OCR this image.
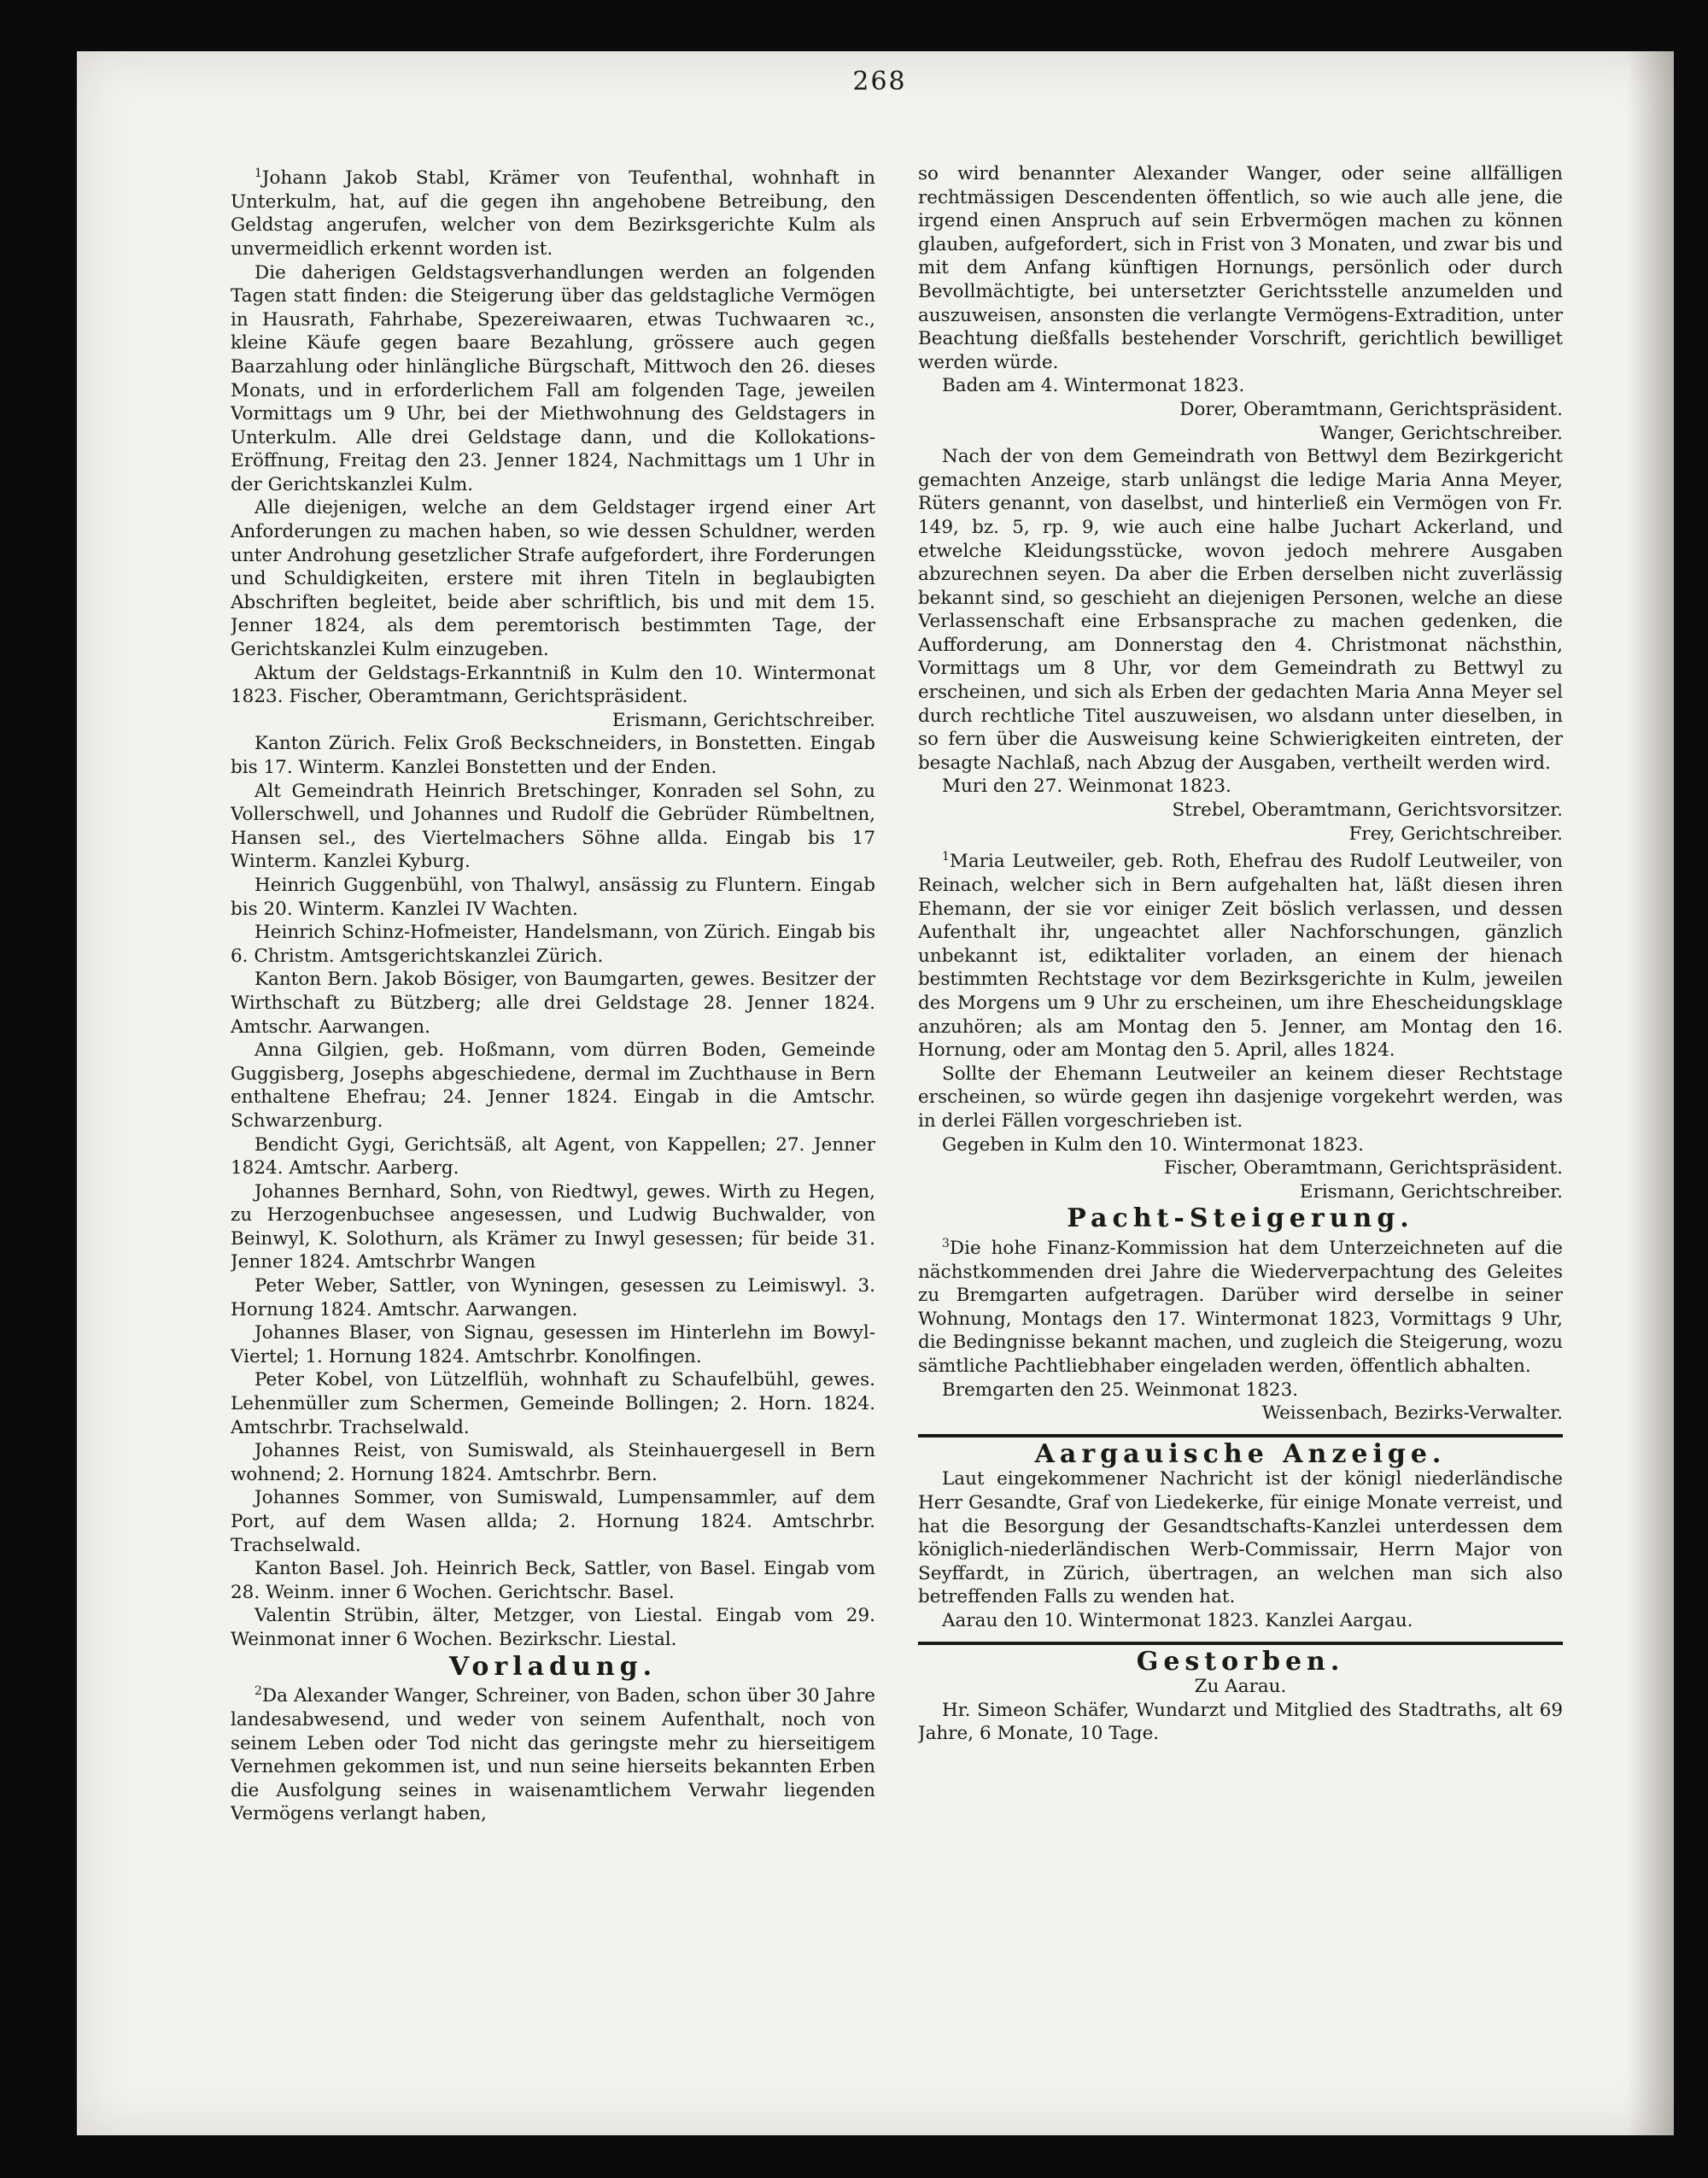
268

$^1$Johann Jakob Stabl, Krämer von Teufenthal, wohnhaft in Unterkulm, hat, auf die gegen ihn angehobene Betreibung, den Geldstag angerufen, welcher von dem Bezirksgerichte Kulm als unvermeidlich erkennt worden ist.

Die daherigen Geldstagsverhandlungen werden an folgenden Tagen statt finden: die Steigerung über das geldstagliche Vermögen in Hausrath, Fahrhabe, Spezereiwaaren, etwas Tuchwaaren ꝛc., kleine Käufe gegen baare Bezahlung, grössere auch gegen Baarzahlung oder hinlängliche Bürgschaft, Mittwoch den 26. dieses Monats, und in erforderlichem Fall am folgenden Tage, jeweilen Vormittags um 9 Uhr, bei der Miethwohnung des Geldstagers in Unterkulm. Alle drei Geldstage dann, und die Kollokations-Eröffnung, Freitag den 23. Jenner 1824, Nachmittags um 1 Uhr in der Gerichtskanzlei Kulm.

Alle diejenigen, welche an dem Geldstager irgend einer Art Anforderungen zu machen haben, so wie dessen Schuldner, werden unter Androhung gesetzlicher Strafe aufgefordert, ihre Forderungen und Schuldigkeiten, erstere mit ihren Titeln in beglaubigten Abschriften begleitet, beide aber schriftlich, bis und mit dem 15. Jenner 1824, als dem peremtorisch bestimmten Tage, der Gerichtskanzlei Kulm einzugeben.

Aktum der Geldstags-Erkanntniß in Kulm den 10. Wintermonat 1823. Fischer, Oberamtmann, Gerichtspräsident.

Erismann, Gerichtschreiber.

Kanton Zürich. Felix Groß Beckschneiders, in Bonstetten. Eingab bis 17. Winterm. Kanzlei Bonstetten und der Enden.

Alt Gemeindrath Heinrich Bretschinger, Konraden sel Sohn, zu Vollerschwell, und Johannes und Rudolf die Gebrüder Rümbeltnen, Hansen sel., des Viertelmachers Söhne allda. Eingab bis 17 Winterm. Kanzlei Kyburg.

Heinrich Guggenbühl, von Thalwyl, ansässig zu Fluntern. Eingab bis 20. Winterm. Kanzlei IV Wachten.

Heinrich Schinz-Hofmeister, Handelsmann, von Zürich. Eingab bis 6. Christm. Amtsgerichtskanzlei Zürich.

Kanton Bern. Jakob Bösiger, von Baumgarten, gewes. Besitzer der Wirthschaft zu Bützberg; alle drei Geldstage 28. Jenner 1824. Amtschr. Aarwangen.

Anna Gilgien, geb. Hoßmann, vom dürren Boden, Gemeinde Guggisberg, Josephs abgeschiedene, dermal im Zuchthause in Bern enthaltene Ehefrau; 24. Jenner 1824. Eingab in die Amtschr. Schwarzenburg.

Bendicht Gygi, Gerichtsäß, alt Agent, von Kappellen; 27. Jenner 1824. Amtschr. Aarberg.

Johannes Bernhard, Sohn, von Riedtwyl, gewes. Wirth zu Hegen, zu Herzogenbuchsee angesessen, und Ludwig Buchwalder, von Beinwyl, K. Solothurn, als Krämer zu Inwyl gesessen; für beide 31. Jenner 1824. Amtschrbr Wangen

Peter Weber, Sattler, von Wyningen, gesessen zu Leimiswyl. 3. Hornung 1824. Amtschr. Aarwangen.

Johannes Blaser, von Signau, gesessen im Hinterlehn im Bowyl-Viertel; 1. Hornung 1824. Amtschrbr. Konolfingen.

Peter Kobel, von Lützelflüh, wohnhaft zu Schaufelbühl, gewes. Lehenmüller zum Schermen, Gemeinde Bollingen; 2. Horn. 1824. Amtschrbr. Trachselwald.

Johannes Reist, von Sumiswald, als Steinhauergesell in Bern wohnend; 2. Hornung 1824. Amtschrbr. Bern.

Johannes Sommer, von Sumiswald, Lumpensammler, auf dem Port, auf dem Wasen allda; 2. Hornung 1824. Amtschrbr. Trachselwald.

Kanton Basel. Joh. Heinrich Beck, Sattler, von Basel. Eingab vom 28. Weinm. inner 6 Wochen. Gerichtschr. Basel.

Valentin Strübin, älter, Metzger, von Liestal. Eingab vom 29. Weinmonat inner 6 Wochen. Bezirkschr. Liestal.

Vorladung.

$^2$Da Alexander Wanger, Schreiner, von Baden, schon über 30 Jahre landesabwesend, und weder von seinem Aufenthalt, noch von seinem Leben oder Tod nicht das geringste mehr zu hierseitigem Vernehmen gekommen ist, und nun seine hierseits bekannten Erben die Ausfolgung seines in waisenamtlichem Verwahr liegenden Vermögens verlangt haben,

so wird benannter Alexander Wanger, oder seine allfälligen rechtmässigen Descendenten öffentlich, so wie auch alle jene, die irgend einen Anspruch auf sein Erbvermögen machen zu können glauben, aufgefordert, sich in Frist von 3 Monaten, und zwar bis und mit dem Anfang künftigen Hornungs, persönlich oder durch Bevollmächtigte, bei untersetzter Gerichtsstelle anzumelden und auszuweisen, ansonsten die verlangte Vermögens-Extradition, unter Beachtung dießfalls bestehender Vorschrift, gerichtlich bewilliget werden würde.

Baden am 4. Wintermonat 1823.

Dorer, Oberamtmann, Gerichtspräsident.

Wanger, Gerichtschreiber.

Nach der von dem Gemeindrath von Bettwyl dem Bezirkgericht gemachten Anzeige, starb unlängst die ledige Maria Anna Meyer, Rüters genannt, von daselbst, und hinterließ ein Vermögen von Fr. 149, bz. 5, rp. 9, wie auch eine halbe Juchart Ackerland, und etwelche Kleidungsstücke, wovon jedoch mehrere Ausgaben abzurechnen seyen. Da aber die Erben derselben nicht zuverlässig bekannt sind, so geschieht an diejenigen Personen, welche an diese Verlassenschaft eine Erbsansprache zu machen gedenken, die Aufforderung, am Donnerstag den 4. Christmonat nächsthin, Vormittags um 8 Uhr, vor dem Gemeindrath zu Bettwyl zu erscheinen, und sich als Erben der gedachten Maria Anna Meyer sel durch rechtliche Titel auszuweisen, wo alsdann unter dieselben, in so fern über die Ausweisung keine Schwierigkeiten eintreten, der besagte Nachlaß, nach Abzug der Ausgaben, vertheilt werden wird.

Muri den 27. Weinmonat 1823.

Strebel, Oberamtmann, Gerichtsvorsitzer.

Frey, Gerichtschreiber.

$^1$Maria Leutweiler, geb. Roth, Ehefrau des Rudolf Leutweiler, von Reinach, welcher sich in Bern aufgehalten hat, läßt diesen ihren Ehemann, der sie vor einiger Zeit böslich verlassen, und dessen Aufenthalt ihr, ungeachtet aller Nachforschungen, gänzlich unbekannt ist, ediktaliter vorladen, an einem der hienach bestimmten Rechtstage vor dem Bezirksgerichte in Kulm, jeweilen des Morgens um 9 Uhr zu erscheinen, um ihre Ehescheidungsklage anzuhören; als am Montag den 5. Jenner, am Montag den 16. Hornung, oder am Montag den 5. April, alles 1824.

Sollte der Ehemann Leutweiler an keinem dieser Rechtstage erscheinen, so würde gegen ihn dasjenige vorgekehrt werden, was in derlei Fällen vorgeschrieben ist.

Gegeben in Kulm den 10. Wintermonat 1823.

Fischer, Oberamtmann, Gerichtspräsident.

Erismann, Gerichtschreiber.

Pacht-Steigerung.

$^3$Die hohe Finanz-Kommission hat dem Unterzeichneten auf die nächstkommenden drei Jahre die Wiederverpachtung des Geleites zu Bremgarten aufgetragen. Darüber wird derselbe in seiner Wohnung, Montags den 17. Wintermonat 1823, Vormittags 9 Uhr, die Bedingnisse bekannt machen, und zugleich die Steigerung, wozu sämtliche Pachtliebhaber eingeladen werden, öffentlich abhalten.

Bremgarten den 25. Weinmonat 1823.

Weissenbach, Bezirks-Verwalter.

Aargauische Anzeige.

Laut eingekommener Nachricht ist der königl niederländische Herr Gesandte, Graf von Liedekerke, für einige Monate verreist, und hat die Besorgung der Gesandtschafts-Kanzlei unterdessen dem königlich-niederländischen Werb-Commissair, Herrn Major von Seyffardt, in Zürich, übertragen, an welchen man sich also betreffenden Falls zu wenden hat.

Aarau den 10. Wintermonat 1823. Kanzlei Aargau.

Gestorben.

Zu Aarau.

Hr. Simeon Schäfer, Wundarzt und Mitglied des Stadtraths, alt 69 Jahre, 6 Monate, 10 Tage.
